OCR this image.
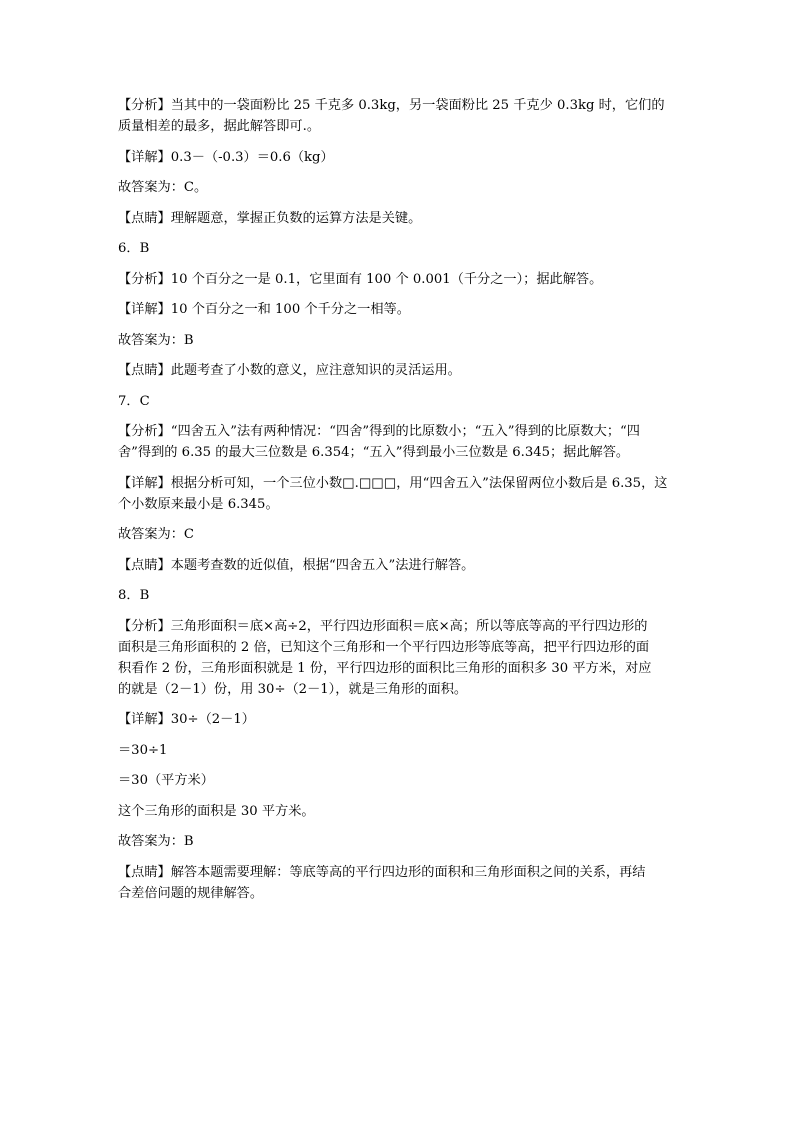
【分析】当其中的一袋面粉比 25 千克多 0.3kg，另一袋面粉比 25 千克少 0.3kg 时，它们的

质量相差的最多，据此解答即可.。

【详解】0.3－（-0.3）＝0.6（kg）

故答案为：C。

【点睛】理解题意，掌握正负数的运算方法是关键。

6．B

【分析】10 个百分之一是 0.1，它里面有 100 个 0.001（千分之一）；据此解答。

【详解】10 个百分之一和 100 个千分之一相等。

故答案为：B

【点睛】此题考查了小数的意义，应注意知识的灵活运用。

7．C

【分析】“四舍五入”法有两种情况：“四舍”得到的比原数小；“五入”得到的比原数大；“四

舍”得到的 6.35 的最大三位数是 6.354；“五入”得到最小三位数是 6.345；据此解答。

【详解】根据分析可知，一个三位小数□.□□□，用“四舍五入”法保留两位小数后是 6.35，这

个小数原来最小是 6.345。

故答案为：C

【点睛】本题考查数的近似值，根据“四舍五入”法进行解答。

8．B

【分析】三角形面积＝底×高÷2，平行四边形面积＝底×高；所以等底等高的平行四边形的

面积是三角形面积的 2 倍，已知这个三角形和一个平行四边形等底等高，把平行四边形的面

积看作 2 份，三角形面积就是 1 份，平行四边形的面积比三角形的面积多 30 平方米，对应

的就是（2－1）份，用 30÷（2－1），就是三角形的面积。

【详解】30÷（2－1）

＝30÷1

＝30（平方米）

这个三角形的面积是 30 平方米。

故答案为：B

【点睛】解答本题需要理解：等底等高的平行四边形的面积和三角形面积之间的关系，再结

合差倍问题的规律解答。
